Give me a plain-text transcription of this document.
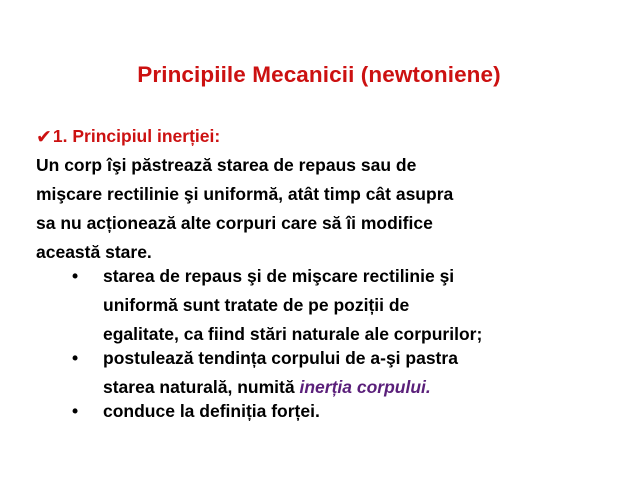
Principiile Mecanicii (newtoniene)
✔1. Principiul inerției:
Un corp îşi păstrează starea de repaus sau de
mişcare rectilinie şi uniformă, atât timp cât asupra
sa nu acționează alte corpuri care să îi modifice
această stare.
• starea de repaus şi de mişcare rectilinie şi
uniformă sunt tratate de pe poziții de
egalitate, ca fiind stări naturale ale corpurilor;
• postulează tendința corpului de a-şi pastra
starea naturală, numită inerția corpului.
• conduce la definiția forței.
